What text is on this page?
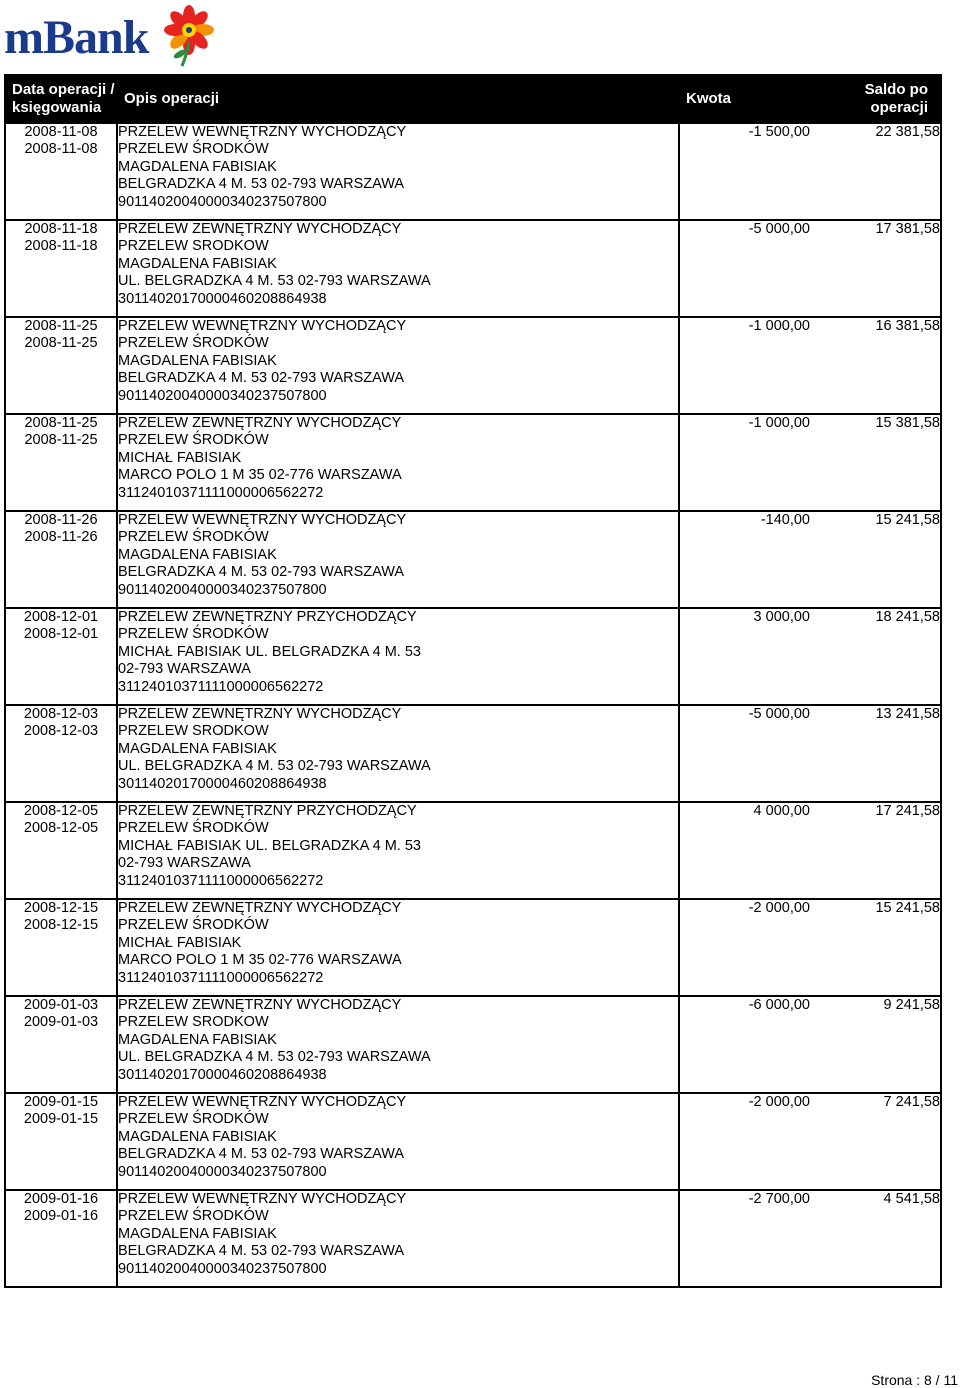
mBank
Data operacji /
księgowania	Opis operacji	Kwota	Saldo po operacji

2008-11-08
2008-11-08	PRZELEW WEWNĘTRZNY WYCHODZĄCY
PRZELEW ŚRODKÓW
MAGDALENA FABISIAK
BELGRADZKA 4 M. 53 02-793 WARSZAWA
90114020040000340237507800	-1 500,00	22 381,58

2008-11-18
2008-11-18	PRZELEW ZEWNĘTRZNY WYCHODZĄCY
PRZELEW SRODKOW
MAGDALENA FABISIAK
UL. BELGRADZKA 4 M. 53 02-793 WARSZAWA
30114020170000460208864938	-5 000,00	17 381,58

2008-11-25
2008-11-25	PRZELEW WEWNĘTRZNY WYCHODZĄCY
PRZELEW ŚRODKÓW
MAGDALENA FABISIAK
BELGRADZKA 4 M. 53 02-793 WARSZAWA
90114020040000340237507800	-1 000,00	16 381,58

2008-11-25
2008-11-25	PRZELEW ZEWNĘTRZNY WYCHODZĄCY
PRZELEW ŚRODKÓW
MICHAŁ FABISIAK
MARCO POLO 1 M 35 02-776 WARSZAWA
31124010371111000006562272	-1 000,00	15 381,58

2008-11-26
2008-11-26	PRZELEW WEWNĘTRZNY WYCHODZĄCY
PRZELEW ŚRODKÓW
MAGDALENA FABISIAK
BELGRADZKA 4 M. 53 02-793 WARSZAWA
90114020040000340237507800	-140,00	15 241,58

2008-12-01
2008-12-01	PRZELEW ZEWNĘTRZNY PRZYCHODZĄCY
PRZELEW ŚRODKÓW
MICHAŁ FABISIAK UL. BELGRADZKA 4 M. 53
02-793 WARSZAWA
31124010371111000006562272	3 000,00	18 241,58

2008-12-03
2008-12-03	PRZELEW ZEWNĘTRZNY WYCHODZĄCY
PRZELEW SRODKOW
MAGDALENA FABISIAK
UL. BELGRADZKA 4 M. 53 02-793 WARSZAWA
30114020170000460208864938	-5 000,00	13 241,58

2008-12-05
2008-12-05	PRZELEW ZEWNĘTRZNY PRZYCHODZĄCY
PRZELEW ŚRODKÓW
MICHAŁ FABISIAK UL. BELGRADZKA 4 M. 53
02-793 WARSZAWA
31124010371111000006562272	4 000,00	17 241,58

2008-12-15
2008-12-15	PRZELEW ZEWNĘTRZNY WYCHODZĄCY
PRZELEW ŚRODKÓW
MICHAŁ FABISIAK
MARCO POLO 1 M 35 02-776 WARSZAWA
31124010371111000006562272	-2 000,00	15 241,58

2009-01-03
2009-01-03	PRZELEW ZEWNĘTRZNY WYCHODZĄCY
PRZELEW SRODKOW
MAGDALENA FABISIAK
UL. BELGRADZKA 4 M. 53 02-793 WARSZAWA
30114020170000460208864938	-6 000,00	9 241,58

2009-01-15
2009-01-15	PRZELEW WEWNĘTRZNY WYCHODZĄCY
PRZELEW ŚRODKÓW
MAGDALENA FABISIAK
BELGRADZKA 4 M. 53 02-793 WARSZAWA
90114020040000340237507800	-2 000,00	7 241,58

2009-01-16
2009-01-16	PRZELEW WEWNĘTRZNY WYCHODZĄCY
PRZELEW ŚRODKÓW
MAGDALENA FABISIAK
BELGRADZKA 4 M. 53 02-793 WARSZAWA
90114020040000340237507800	-2 700,00	4 541,58
Strona : 8 / 11
